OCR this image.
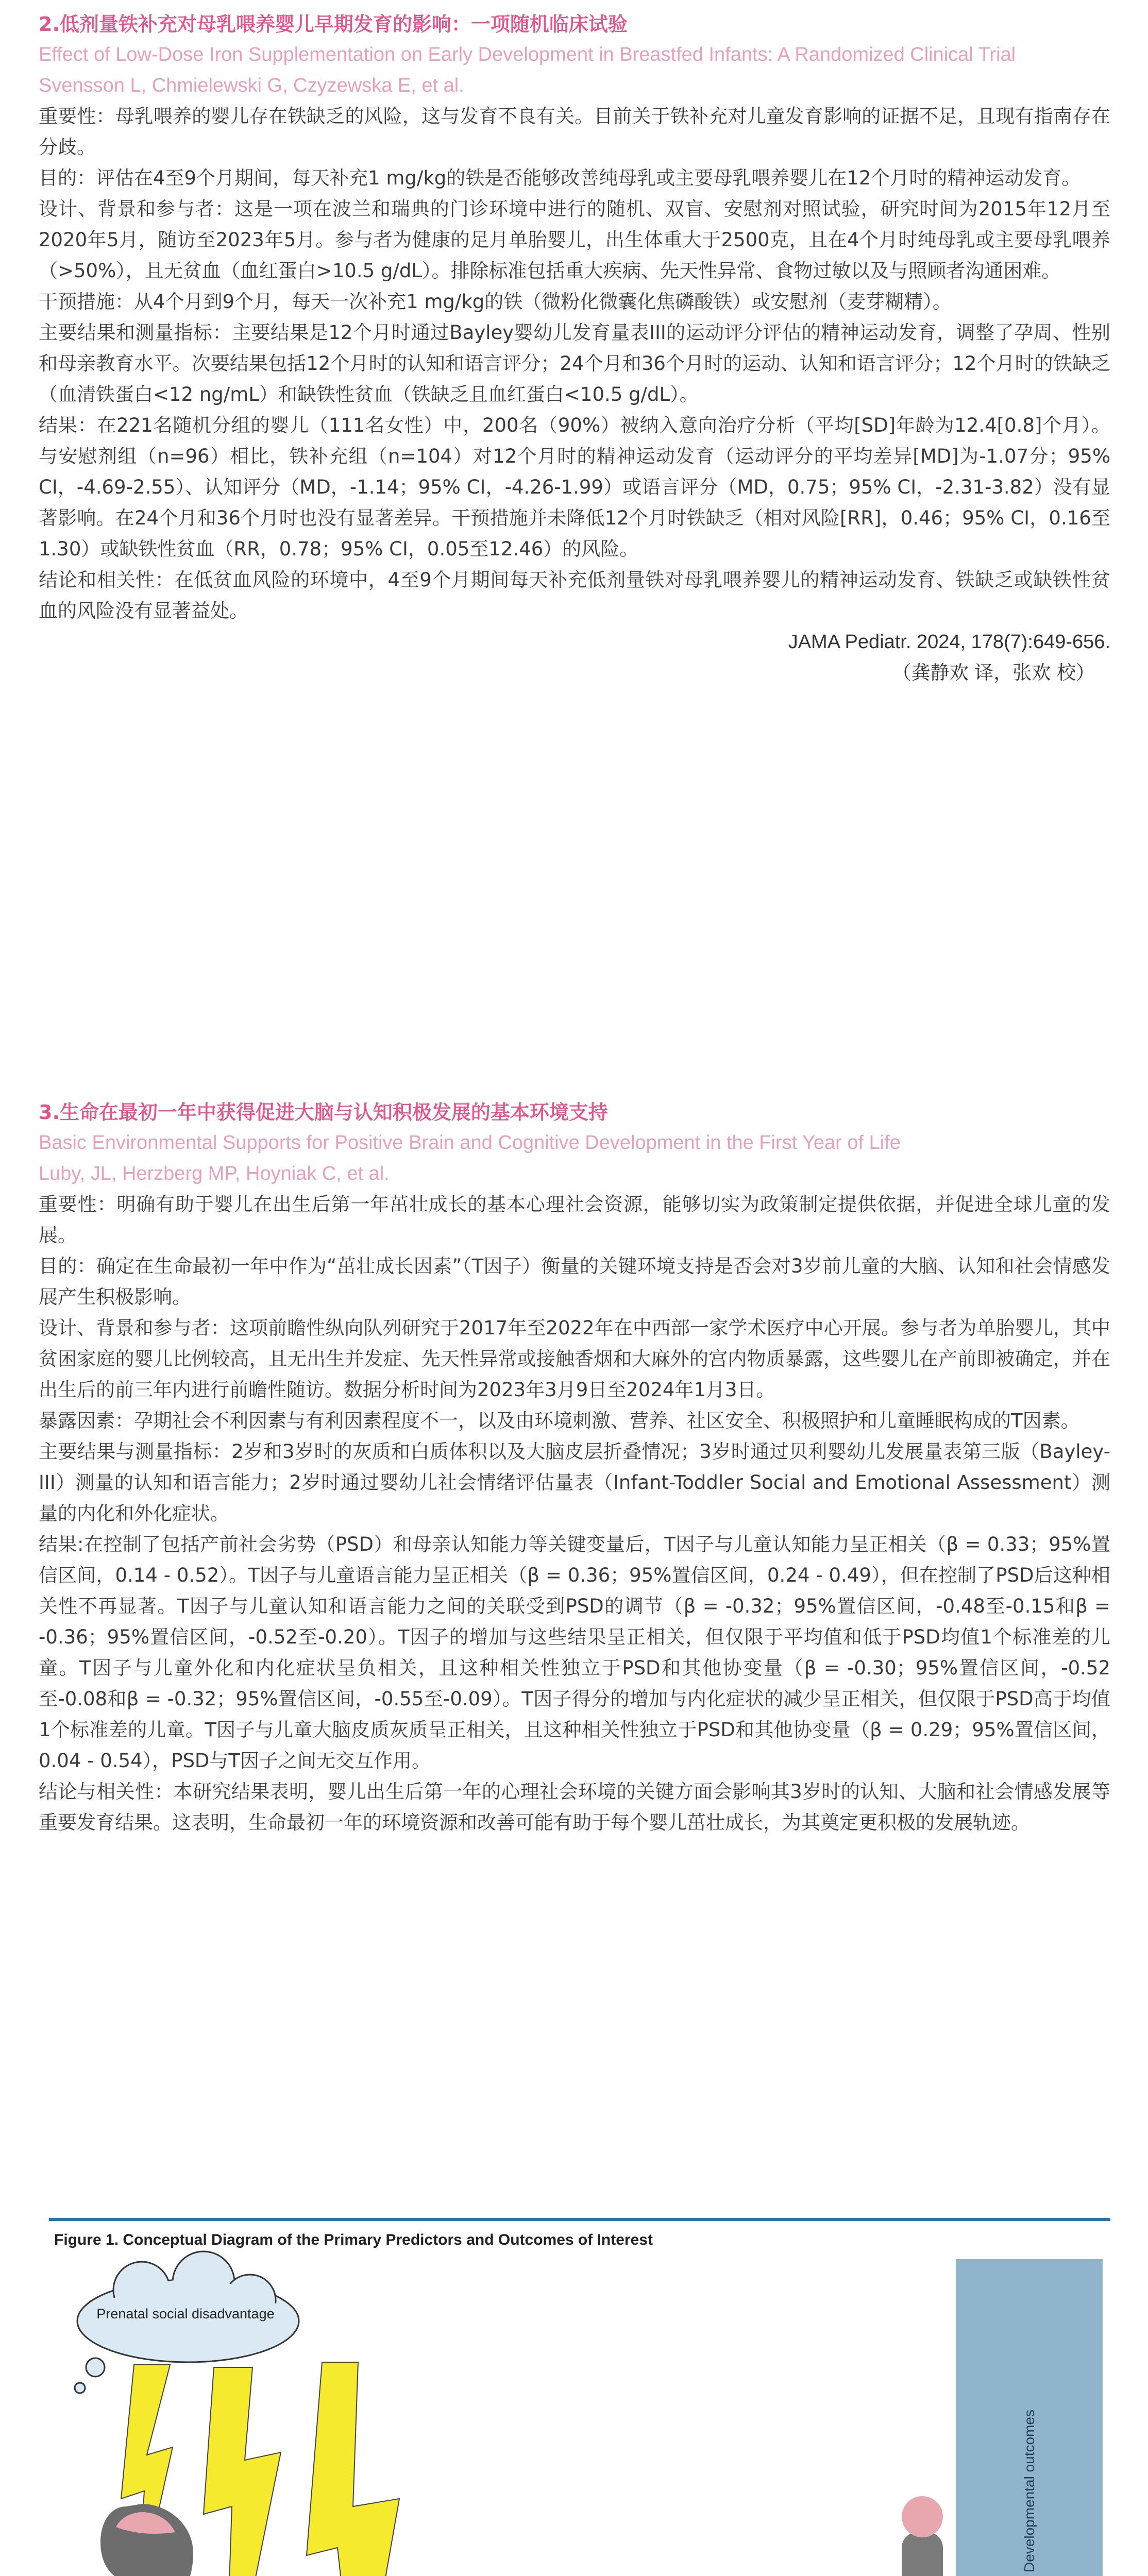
2.低剂量铁补充对母乳喂养婴儿早期发育的影响：一项随机临床试验

Effect of Low-Dose Iron Supplementation on Early Development in Breastfed Infants: A Randomized Clinical Trial

Svensson L, Chmielewski G, Czyzewska E, et al.

重要性：母乳喂养的婴儿存在铁缺乏的风险，这与发育不良有关。目前关于铁补充对儿童发育影响的证据不足，且现有指南存在分歧。

目的：评估在4至9个月期间，每天补充1 mg/kg的铁是否能够改善纯母乳或主要母乳喂养婴儿在12个月时的精神运动发育。

设计、背景和参与者：这是一项在波兰和瑞典的门诊环境中进行的随机、双盲、安慰剂对照试验，研究时间为2015年12月至2020年5月，随访至2023年5月。参与者为健康的足月单胎婴儿，出生体重大于2500克，且在4个月时纯母乳或主要母乳喂养（>50%），且无贫血（血红蛋白>10.5 g/dL）。排除标准包括重大疾病、先天性异常、食物过敏以及与照顾者沟通困难。

干预措施：从4个月到9个月，每天一次补充1 mg/kg的铁（微粉化微囊化焦磷酸铁）或安慰剂（麦芽糊精）。

主要结果和测量指标：主要结果是12个月时通过Bayley婴幼儿发育量表III的运动评分评估的精神运动发育，调整了孕周、性别和母亲教育水平。次要结果包括12个月时的认知和语言评分；24个月和36个月时的运动、认知和语言评分；12个月时的铁缺乏（血清铁蛋白<12 ng/mL）和缺铁性贫血（铁缺乏且血红蛋白<10.5 g/dL）。

结果：在221名随机分组的婴儿（111名女性）中，200名（90%）被纳入意向治疗分析（平均[SD]年龄为12.4[0.8]个月）。与安慰剂组（n=96）相比，铁补充组（n=104）对12个月时的精神运动发育（运动评分的平均差异[MD]为-1.07分；95% CI，-4.69-2.55）、认知评分（MD，-1.14；95% CI，-4.26-1.99）或语言评分（MD，0.75；95% CI，-2.31-3.82）没有显著影响。在24个月和36个月时也没有显著差异。干预措施并未降低12个月时铁缺乏（相对风险[RR]，0.46；95% CI，0.16至1.30）或缺铁性贫血（RR，0.78；95% CI，0.05至12.46）的风险。

结论和相关性：在低贫血风险的环境中，4至9个月期间每天补充低剂量铁对母乳喂养婴儿的精神运动发育、铁缺乏或缺铁性贫血的风险没有显著益处。

JAMA Pediatr. 2024, 178(7):649-656.

（龚静欢 译，张欢 校）

3.生命在最初一年中获得促进大脑与认知积极发展的基本环境支持

Basic Environmental Supports for Positive Brain and Cognitive Development in the First Year of Life

Luby, JL, Herzberg MP, Hoyniak C, et al.

重要性：明确有助于婴儿在出生后第一年茁壮成长的基本心理社会资源，能够切实为政策制定提供依据，并促进全球儿童的发展。

目的：确定在生命最初一年中作为“茁壮成长因素”（T因子）衡量的关键环境支持是否会对3岁前儿童的大脑、认知和社会情感发展产生积极影响。

设计、背景和参与者：这项前瞻性纵向队列研究于2017年至2022年在中西部一家学术医疗中心开展。参与者为单胎婴儿，其中贫困家庭的婴儿比例较高，且无出生并发症、先天性异常或接触香烟和大麻外的宫内物质暴露，这些婴儿在产前即被确定，并在出生后的前三年内进行前瞻性随访。数据分析时间为2023年3月9日至2024年1月3日。

暴露因素：孕期社会不利因素与有利因素程度不一，以及由环境刺激、营养、社区安全、积极照护和儿童睡眠构成的T因素。

主要结果与测量指标：2岁和3岁时的灰质和白质体积以及大脑皮层折叠情况；3岁时通过贝利婴幼儿发展量表第三版（Bayley-III）测量的认知和语言能力；2岁时通过婴幼儿社会情绪评估量表（Infant-Toddler Social and Emotional Assessment）测量的内化和外化症状。

结果:在控制了包括产前社会劣势（PSD）和母亲认知能力等关键变量后，T因子与儿童认知能力呈正相关（β = 0.33；95%置信区间，0.14 - 0.52）。T因子与儿童语言能力呈正相关（β = 0.36；95%置信区间，0.24 - 0.49），但在控制了PSD后这种相关性不再显著。T因子与儿童认知和语言能力之间的关联受到PSD的调节（β = -0.32；95%置信区间，-0.48至-0.15和β = -0.36；95%置信区间，-0.52至-0.20）。T因子的增加与这些结果呈正相关，但仅限于平均值和低于PSD均值1个标准差的儿童。T因子与儿童外化和内化症状呈负相关，且这种相关性独立于PSD和其他协变量（β = -0.30；95%置信区间，-0.52至-0.08和β = -0.32；95%置信区间，-0.55至-0.09）。T因子得分的增加与内化症状的减少呈正相关，但仅限于PSD高于均值1个标准差的儿童。T因子与儿童大脑皮质灰质呈正相关，且这种相关性独立于PSD和其他协变量（β = 0.29；95%置信区间，0.04 - 0.54），PSD与T因子之间无交互作用。

结论与相关性：本研究结果表明，婴儿出生后第一年的心理社会环境的关键方面会影响其3岁时的认知、大脑和社会情感发展等重要发育结果。这表明，生命最初一年的环境资源和改善可能有助于每个婴儿茁壮成长，为其奠定更积极的发展轨迹。

Figure 1. Conceptual Diagram of the Primary Predictors and Outcomes of Interest
Developmental outcomes
Prenatal social disadvantage
